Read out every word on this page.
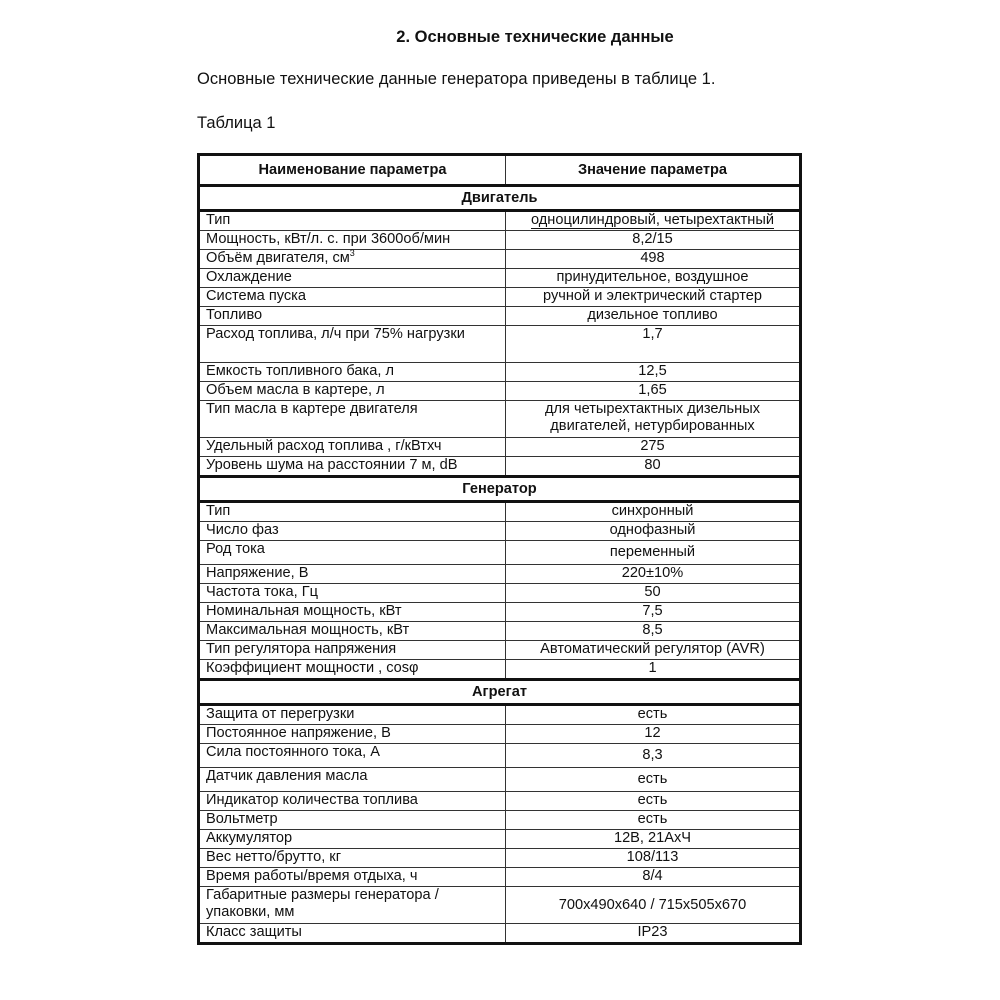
2. Основные технические данные
Основные технические данные генератора приведены в таблице 1.
Таблица 1
Наименование параметра	Значение параметра
Двигатель	
Тип	одноцилиндровый, четырехтактный
Мощность, кВт/л. с. при 3600об/мин	8,2/15
Объём двигателя, $см^3$	498
Охлаждение	принудительное, воздушное
Система пуска	ручной и электрический стартер
Топливо	дизельное топливо
Расход топлива, л/ч при 75% нагрузки	1,7
Емкость топливного бака, л	12,5
Объем масла в картере, л	1,65
Тип масла в картере двигателя	для четырехтактных дизельных двигателей, нетурбированных
Удельный расход топлива , г/кВтхч	275
Уровень шума на расстоянии 7 м, dB	80
Генератор	
Тип	синхронный
Число фаз	однофазный
Род тока	переменный
Напряжение, В	220±10%
Частота тока, Гц	50
Номинальная мощность, кВт	7,5
Максимальная мощность, кВт	8,5
Тип регулятора напряжения	Автоматический регулятор (AVR)
Коэффициент мощности , cosφ	1
Агрегат	
Защита от перегрузки	есть
Постоянное напряжение, В	12
Сила постоянного тока, А	8,3
Датчик давления масла	есть
Индикатор количества топлива	есть
Вольтметр	есть
Аккумулятор	12В, 21АхЧ
Вес нетто/брутто, кг	108/113
Время работы/время отдыха, ч	8/4
Габаритные размеры генератора /упаковки, мм	700x490x640 / 715x505x670
Класс защиты	IP23
